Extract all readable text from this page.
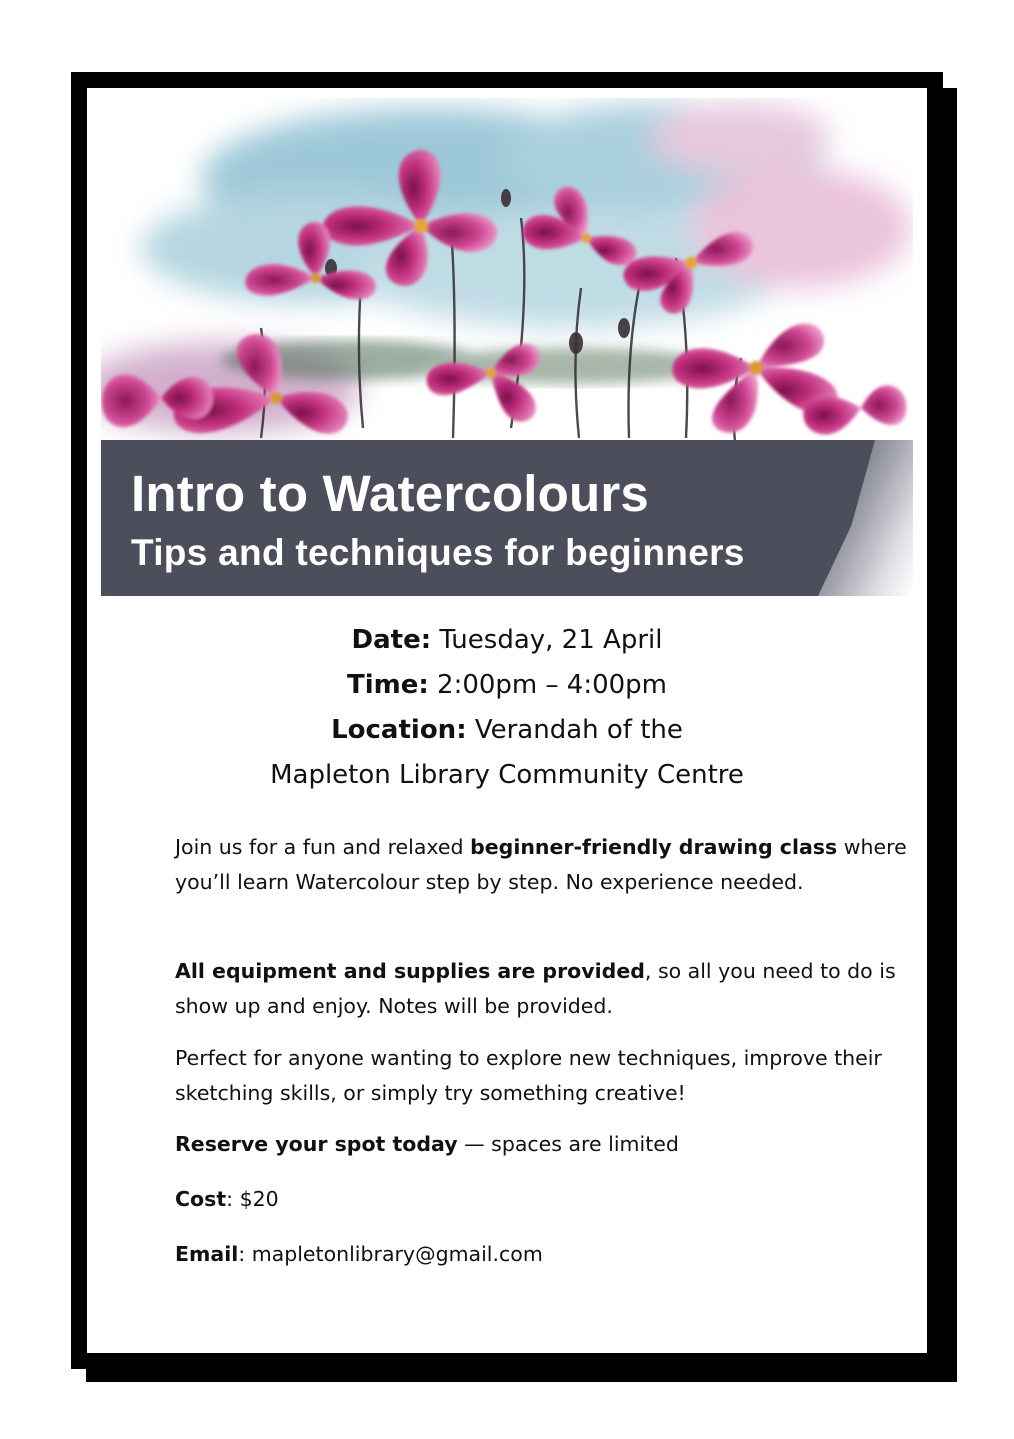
Intro to Watercolours
Tips and techniques for beginners

Date: Tuesday, 21 April

Time: 2:00pm – 4:00pm

Location: Verandah of the

Mapleton Library Community Centre

Join us for a fun and relaxed beginner-friendly drawing class where you’ll learn Watercolour step by step. No experience needed.

All equipment and supplies are provided, so all you need to do is show up and enjoy. Notes will be provided.

Perfect for anyone wanting to explore new techniques, improve their sketching skills, or simply try something creative!

Reserve your spot today — spaces are limited

Cost: $20

Email: mapletonlibrary@gmail.com
